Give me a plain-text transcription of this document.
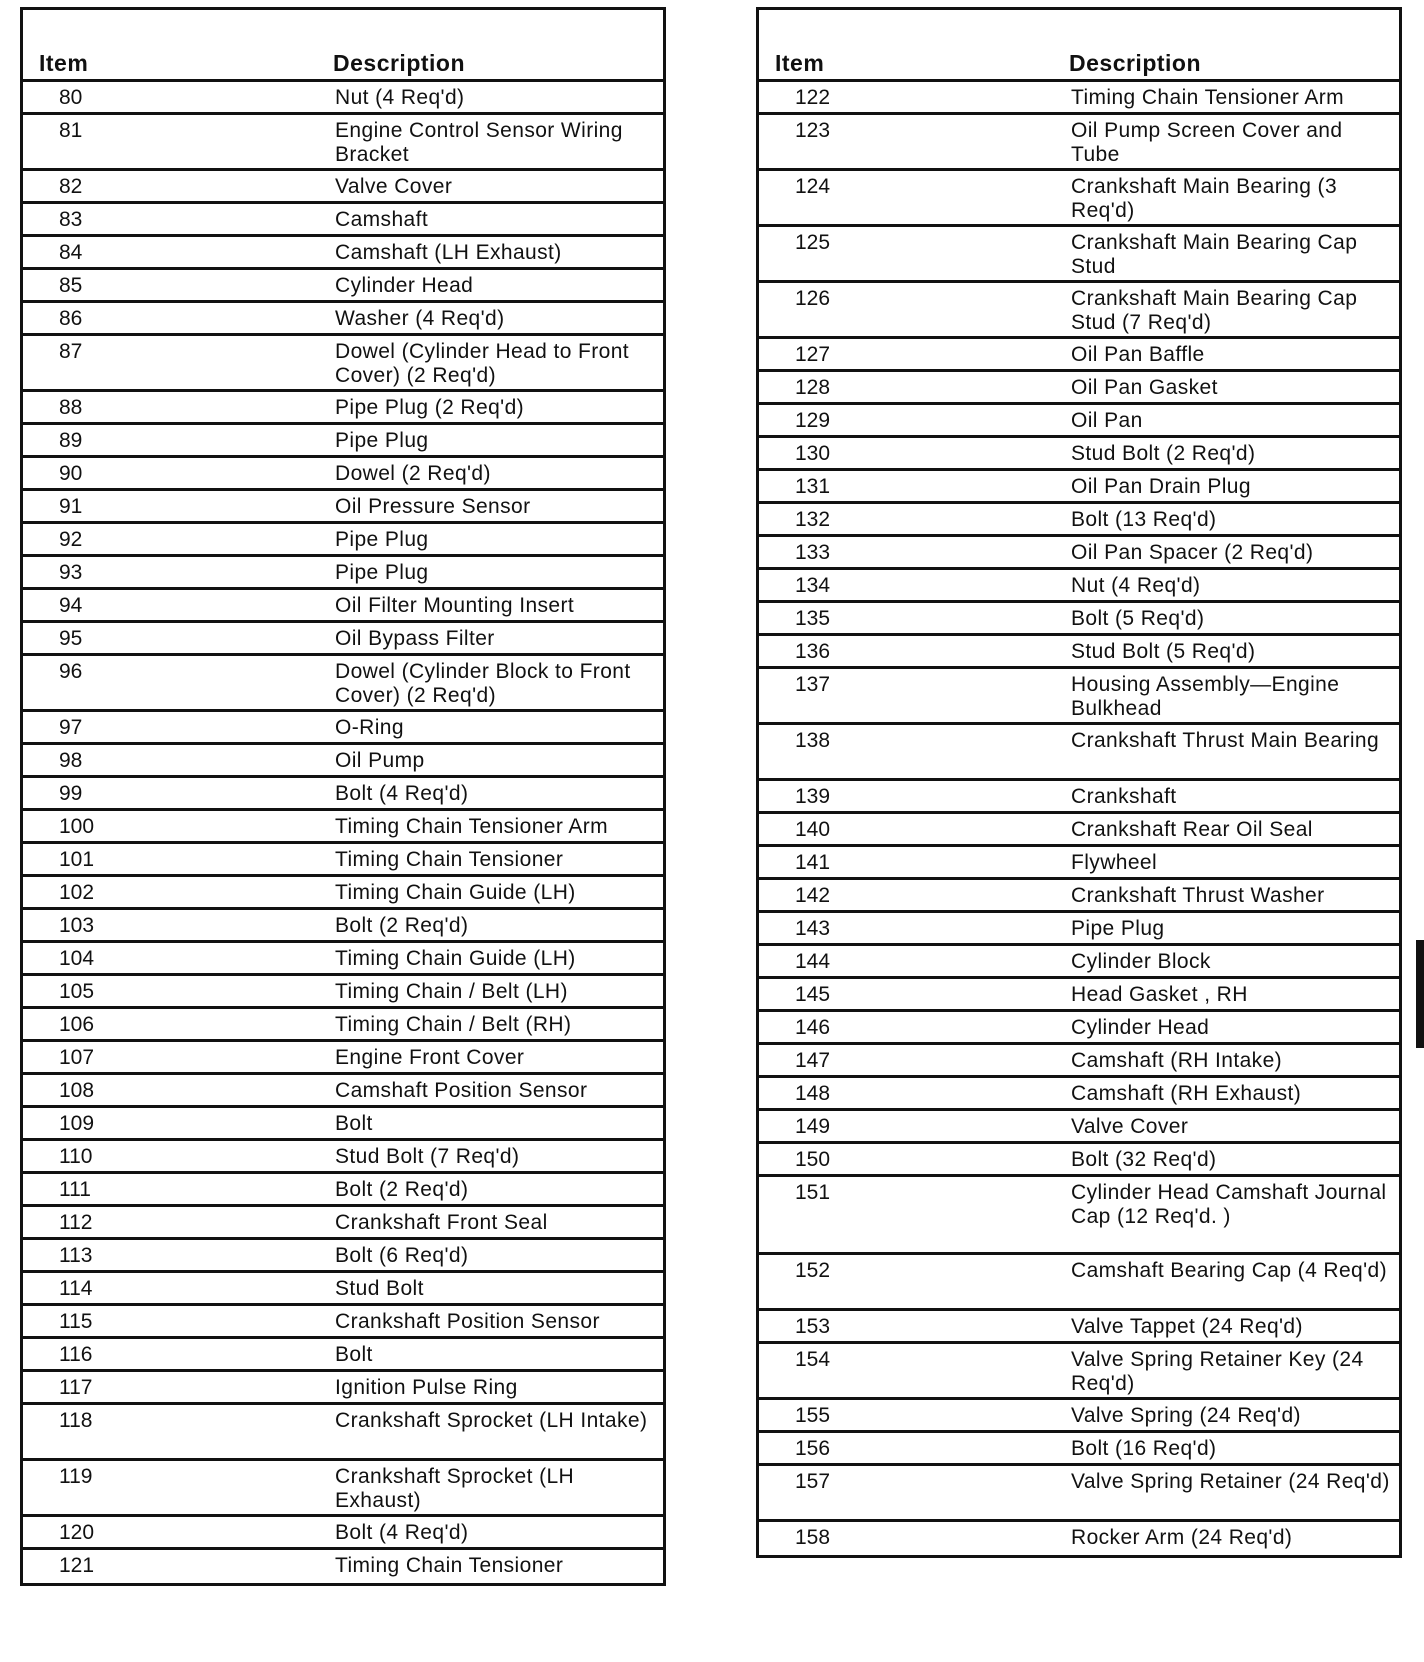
Item	Description
80	Nut (4 Req'd)
81	Engine Control Sensor Wiring Bracket
82	Valve Cover
83	Camshaft
84	Camshaft (LH Exhaust)
85	Cylinder Head
86	Washer (4 Req'd)
87	Dowel (Cylinder Head to Front Cover) (2 Req'd)
88	Pipe Plug (2 Req'd)
89	Pipe Plug
90	Dowel (2 Req'd)
91	Oil Pressure Sensor
92	Pipe Plug
93	Pipe Plug
94	Oil Filter Mounting Insert
95	Oil Bypass Filter
96	Dowel (Cylinder Block to Front Cover) (2 Req'd)
97	O-Ring
98	Oil Pump
99	Bolt (4 Req'd)
100	Timing Chain Tensioner Arm
101	Timing Chain Tensioner
102	Timing Chain Guide (LH)
103	Bolt (2 Req'd)
104	Timing Chain Guide (LH)
105	Timing Chain / Belt (LH)
106	Timing Chain / Belt (RH)
107	Engine Front Cover
108	Camshaft Position Sensor
109	Bolt
110	Stud Bolt (7 Req'd)
111	Bolt (2 Req'd)
112	Crankshaft Front Seal
113	Bolt (6 Req'd)
114	Stud Bolt
115	Crankshaft Position Sensor
116	Bolt
117	Ignition Pulse Ring
118	Crankshaft Sprocket (LH Intake)
119	Crankshaft Sprocket (LH Exhaust)
120	Bolt (4 Req'd)
121	Timing Chain Tensioner
Item	Description
122	Timing Chain Tensioner Arm
123	Oil Pump Screen Cover and Tube
124	Crankshaft Main Bearing (3 Req'd)
125	Crankshaft Main Bearing Cap Stud
126	Crankshaft Main Bearing Cap Stud (7 Req'd)
127	Oil Pan Baffle
128	Oil Pan Gasket
129	Oil Pan
130	Stud Bolt (2 Req'd)
131	Oil Pan Drain Plug
132	Bolt (13 Req'd)
133	Oil Pan Spacer (2 Req'd)
134	Nut (4 Req'd)
135	Bolt (5 Req'd)
136	Stud Bolt (5 Req'd)
137	Housing Assembly—Engine Bulkhead
138	Crankshaft Thrust Main Bearing
139	Crankshaft
140	Crankshaft Rear Oil Seal
141	Flywheel
142	Crankshaft Thrust Washer
143	Pipe Plug
144	Cylinder Block
145	Head Gasket , RH
146	Cylinder Head
147	Camshaft (RH Intake)
148	Camshaft (RH Exhaust)
149	Valve Cover
150	Bolt (32 Req'd)
151	Cylinder Head Camshaft Journal Cap (12 Req'd. )
152	Camshaft Bearing Cap (4 Req'd)
153	Valve Tappet (24 Req'd)
154	Valve Spring Retainer Key (24 Req'd)
155	Valve Spring (24 Req'd)
156	Bolt (16 Req'd)
157	Valve Spring Retainer (24 Req'd)
158	Rocker Arm (24 Req'd)
